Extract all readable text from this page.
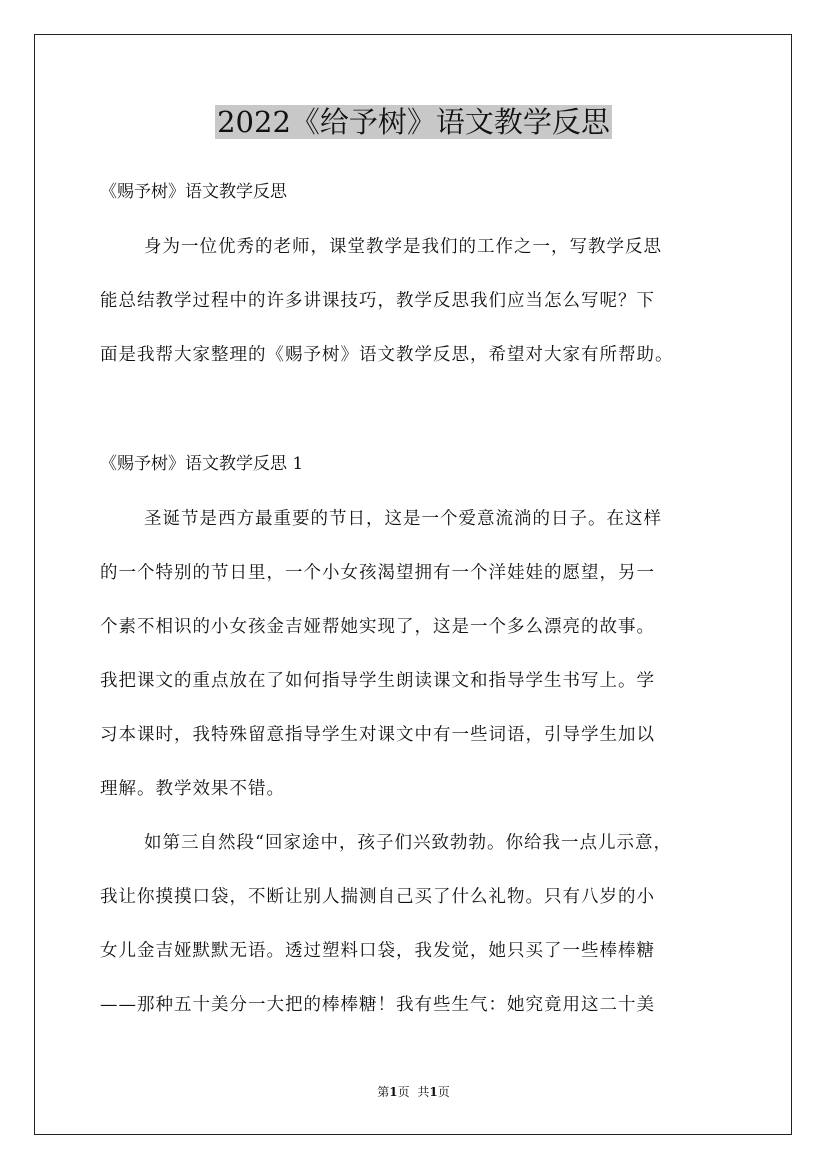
2022《给予树》语文教学反思
《赐予树》语文教学反思
身为一位优秀的老师，课堂教学是我们的工作之一，写教学反思
能总结教学过程中的许多讲课技巧，教学反思我们应当怎么写呢？下
面是我帮大家整理的《赐予树》语文教学反思，希望对大家有所帮助。
《赐予树》语文教学反思 1
圣诞节是西方最重要的节日，这是一个爱意流淌的日子。在这样
的一个特别的节日里，一个小女孩渴望拥有一个洋娃娃的愿望，另一
个素不相识的小女孩金吉娅帮她实现了，这是一个多么漂亮的故事。
我把课文的重点放在了如何指导学生朗读课文和指导学生书写上。学
习本课时，我特殊留意指导学生对课文中有一些词语，引导学生加以
理解。教学效果不错。
如第三自然段“回家途中，孩子们兴致勃勃。你给我一点儿示意，
我让你摸摸口袋，不断让别人揣测自己买了什么礼物。只有八岁的小
女儿金吉娅默默无语。透过塑料口袋，我发觉，她只买了一些棒棒糖
——那种五十美分一大把的棒棒糖！我有些生气：她究竟用这二十美
第1页 共1页
